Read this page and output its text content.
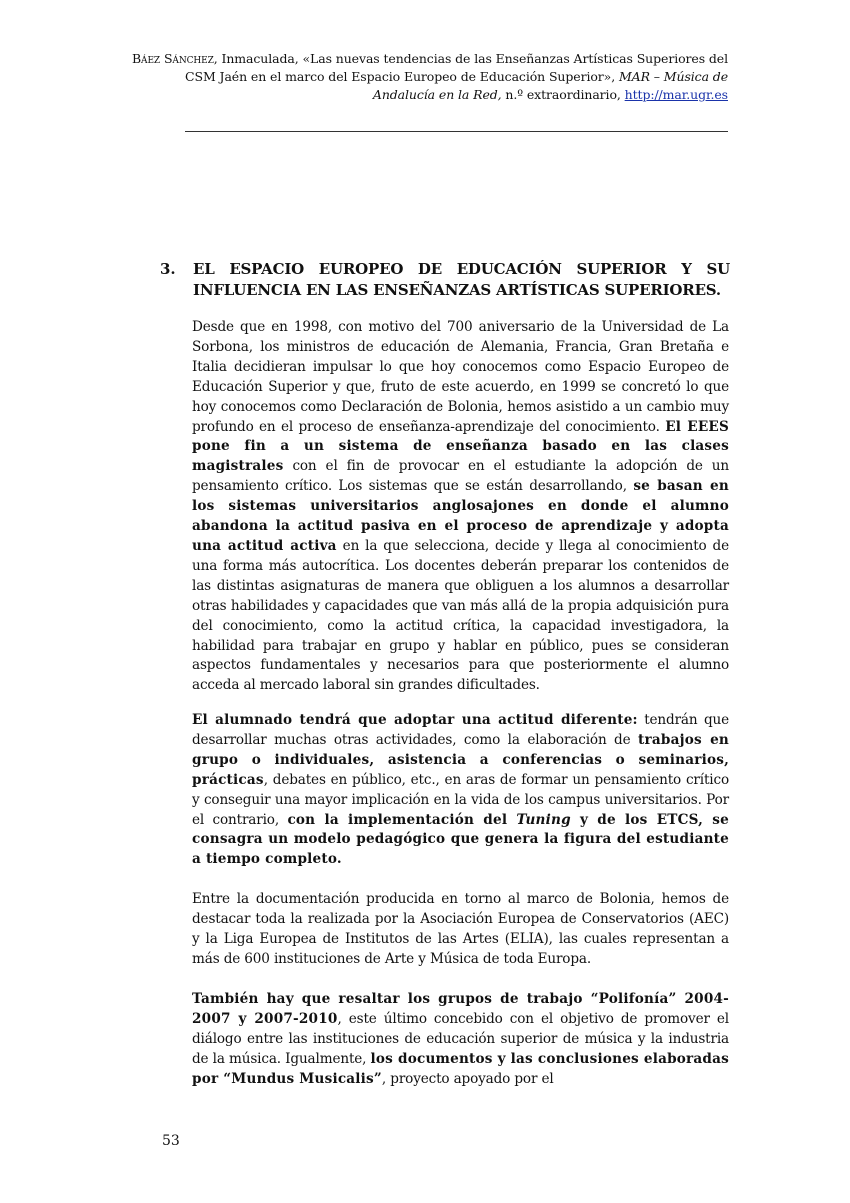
Báez Sánchez, Inmaculada, «Las nuevas tendencias de las Enseñanzas Artísticas Superiores del CSM Jaén en el marco del Espacio Europeo de Educación Superior», MAR – Música de Andalucía en la Red, n.º extraordinario, http://mar.ugr.es
3. EL ESPACIO EUROPEO DE EDUCACIÓN SUPERIOR Y SU
INFLUENCIA EN LAS ENSEÑANZAS ARTÍSTICAS SUPERIORES.
Desde que en 1998, con motivo del 700 aniversario de la Universidad de La Sorbona, los ministros de educación de Alemania, Francia, Gran Bretaña e Italia decidieran impulsar lo que hoy conocemos como Espacio Europeo de Educación Superior y que, fruto de este acuerdo, en 1999 se concretó lo que hoy conocemos como Declaración de Bolonia, hemos asistido a un cambio muy profundo en el proceso de enseñanza-aprendizaje del conocimiento. El EEES pone fin a un sistema de enseñanza basado en las clases magistrales con el fin de provocar en el estudiante la adopción de un pensamiento crítico. Los sistemas que se están desarrollando, se basan en los sistemas universitarios anglosajones en donde el alumno abandona la actitud pasiva en el proceso de aprendizaje y adopta una actitud activa en la que selecciona, decide y llega al conocimiento de una forma más autocrítica. Los docentes deberán preparar los contenidos de las distintas asignaturas de manera que obliguen a los alumnos a desarrollar otras habilidades y capacidades que van más allá de la propia adquisición pura del conocimiento, como la actitud crítica, la capacidad investigadora, la habilidad para trabajar en grupo y hablar en público, pues se consideran aspectos fundamentales y necesarios para que posteriormente el alumno acceda al mercado laboral sin grandes dificultades.
El alumnado tendrá que adoptar una actitud diferente: tendrán que desarrollar muchas otras actividades, como la elaboración de trabajos en grupo o individuales, asistencia a conferencias o seminarios, prácticas, debates en público, etc., en aras de formar un pensamiento crítico y conseguir una mayor implicación en la vida de los campus universitarios. Por el contrario, con la implementación del Tuning y de los ETCS, se consagra un modelo pedagógico que genera la figura del estudiante a tiempo completo.
Entre la documentación producida en torno al marco de Bolonia, hemos de destacar toda la realizada por la Asociación Europea de Conservatorios (AEC) y la Liga Europea de Institutos de las Artes (ELIA), las cuales representan a más de 600 instituciones de Arte y Música de toda Europa.
También hay que resaltar los grupos de trabajo “Polifonía” 2004-2007 y 2007-2010, este último concebido con el objetivo de promover el diálogo entre las instituciones de educación superior de música y la industria de la música. Igualmente, los documentos y las conclusiones elaboradas por “Mundus Musicalis”, proyecto apoyado por el
53
